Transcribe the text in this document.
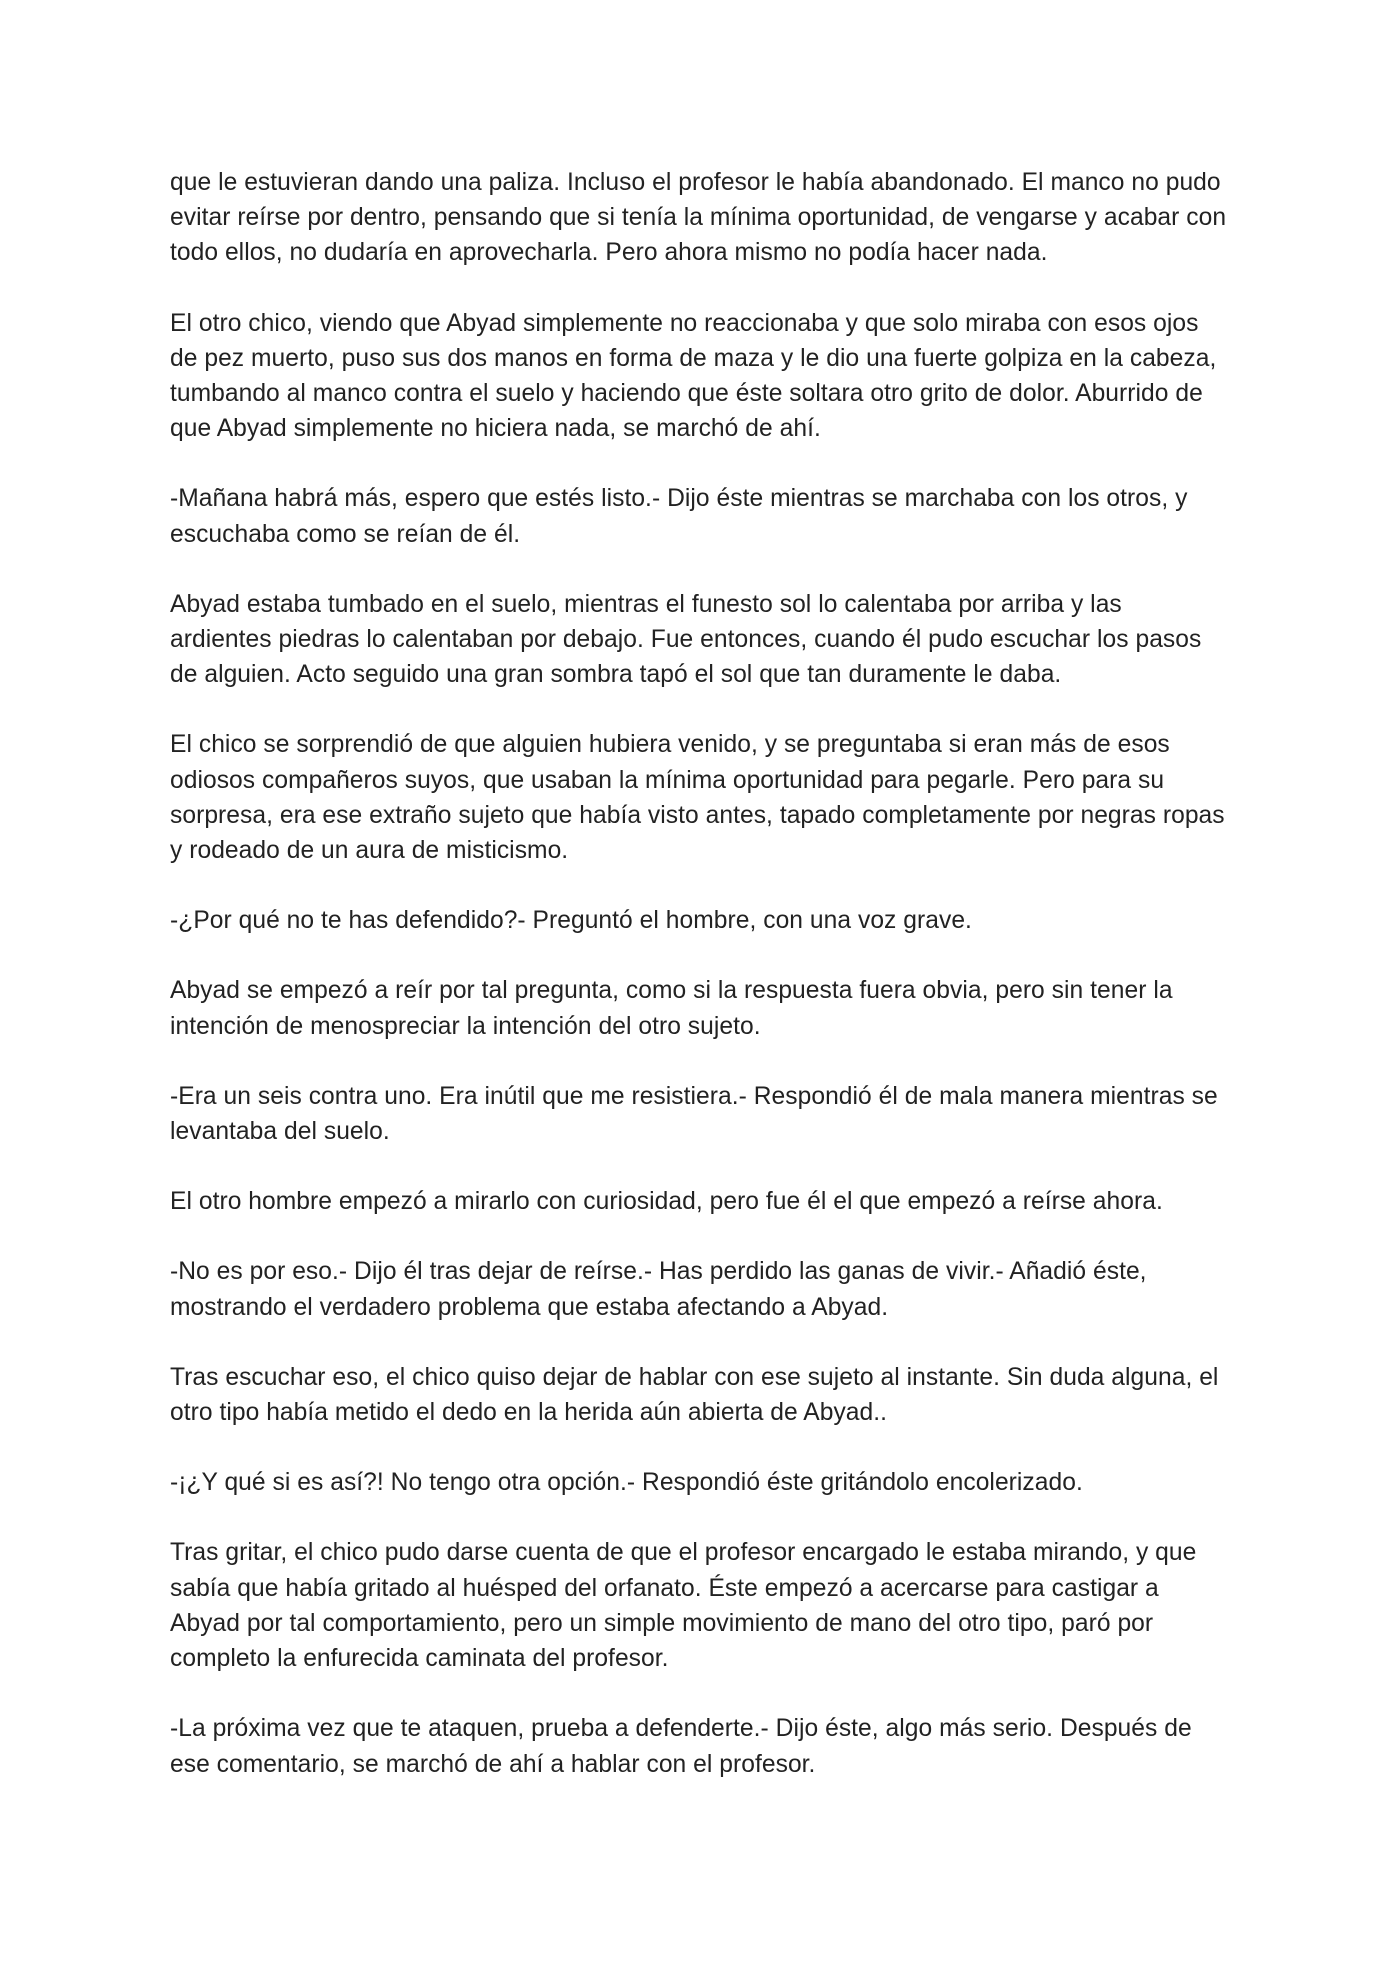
que le estuvieran dando una paliza. Incluso el profesor le había abandonado. El manco no pudo evitar reírse por dentro, pensando que si tenía la mínima oportunidad, de vengarse y acabar con todo ellos, no dudaría en aprovecharla. Pero ahora mismo no podía hacer nada.

El otro chico, viendo que Abyad simplemente no reaccionaba y que solo miraba con esos ojos de pez muerto, puso sus dos manos en forma de maza y le dio una fuerte golpiza en la cabeza, tumbando al manco contra el suelo y haciendo que éste soltara otro grito de dolor. Aburrido de que Abyad simplemente no hiciera nada, se marchó de ahí.

-Mañana habrá más, espero que estés listo.- Dijo éste mientras se marchaba con los otros, y escuchaba como se reían de él.

Abyad estaba tumbado en el suelo, mientras el funesto sol lo calentaba por arriba y las ardientes piedras lo calentaban por debajo. Fue entonces, cuando él pudo escuchar los pasos de alguien. Acto seguido una gran sombra tapó el sol que tan duramente le daba.

El chico se sorprendió de que alguien hubiera venido, y se preguntaba si eran más de esos odiosos compañeros suyos, que usaban la mínima oportunidad para pegarle. Pero para su sorpresa, era ese extraño sujeto que había visto antes, tapado completamente por negras ropas y rodeado de un aura de misticismo.

-¿Por qué no te has defendido?- Preguntó el hombre, con una voz grave.

Abyad se empezó a reír por tal pregunta, como si la respuesta fuera obvia, pero sin tener la intención de menospreciar la intención del otro sujeto.

-Era un seis contra uno. Era inútil que me resistiera.- Respondió él de mala manera mientras se levantaba del suelo.

El otro hombre empezó a mirarlo con curiosidad, pero fue él el que empezó a reírse ahora.

-No es por eso.- Dijo él tras dejar de reírse.- Has perdido las ganas de vivir.- Añadió éste, mostrando el verdadero problema que estaba afectando a Abyad.

Tras escuchar eso, el chico quiso dejar de hablar con ese sujeto al instante. Sin duda alguna, el otro tipo había metido el dedo en la herida aún abierta de Abyad..

-¡¿Y qué si es así?! No tengo otra opción.- Respondió éste gritándolo encolerizado.

Tras gritar, el chico pudo darse cuenta de que el profesor encargado le estaba mirando, y que sabía que había gritado al huésped del orfanato. Éste empezó a acercarse para castigar a Abyad por tal comportamiento, pero un simple movimiento de mano del otro tipo, paró por completo la enfurecida caminata del profesor.

-La próxima vez que te ataquen, prueba a defenderte.- Dijo éste, algo más serio. Después de ese comentario, se marchó de ahí a hablar con el profesor.
